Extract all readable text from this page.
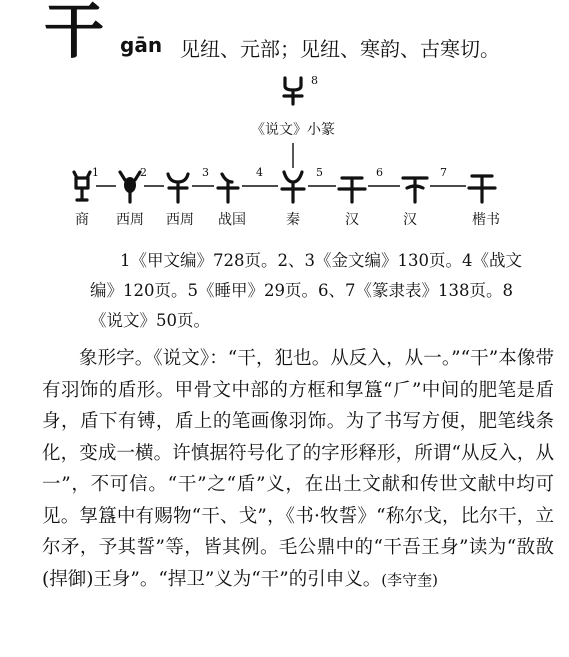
干 gān 见纽、元部；见纽、寒韵、古寒切。
8
《说文》小篆
1	2	3	4	5	6	7
商 西周 西周 战国	秦	汉	汉	楷书
1《甲文编》728页。2、3《金文编》130页。4《战文编》120页。5《睡甲》29页。6、7《篆隶表》138页。8《说文》50页。
象形字。《说文》：“干，犯也。从反入，从一。”“干”本像带有羽饰的盾形。甲骨文中部的方框和㝁簋“𠂆”中间的肥笔是盾身，盾下有镈，盾上的笔画像羽饰。为了书写方便，肥笔线条化，变成一横。许慎据符号化了的字形释形，所谓“从反入，从一”，不可信。“干”之“盾”义，在出土文献和传世文献中均可见。㝁簋中有赐物“干、戈”，《书·牧誓》“称尔戈，比尔干，立尔矛，予其誓”等，皆其例。毛公鼎中的“干吾王身”读为“敔敔(捍御)王身”。“捍卫”义为“干”的引申义。(李守奎)
